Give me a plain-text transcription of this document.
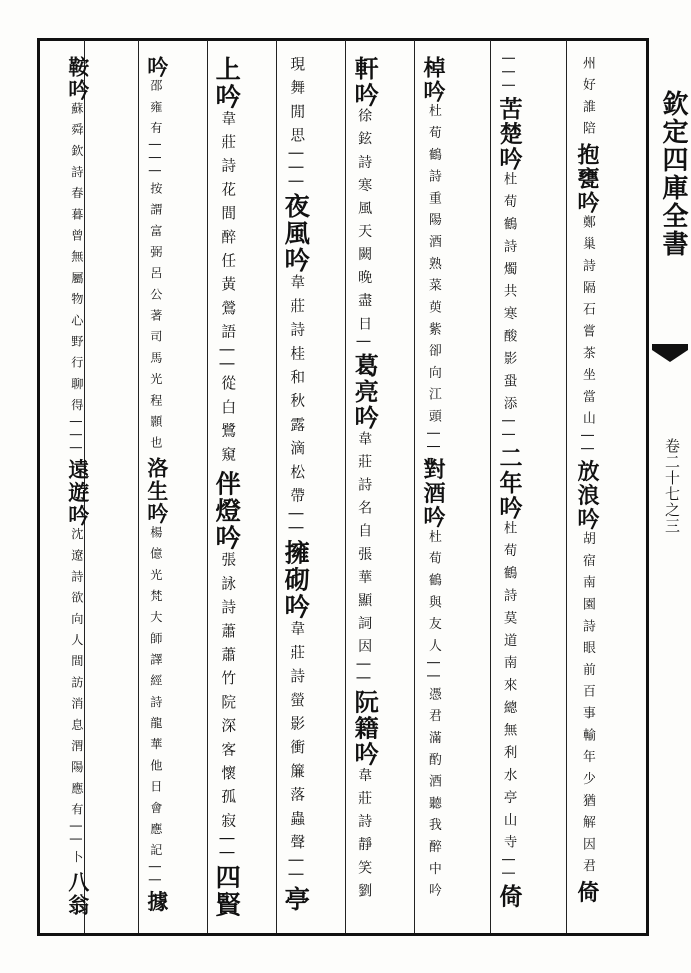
欽定四庫全書
卷二十七之三
州好誰陪抱甕吟鄭巢詩隔石嘗茶坐當山||放浪吟胡宿南園詩眼前百事輸年少猶解因君倚
|||苦楚吟杜荀鶴詩燭共寒酸影蛩添||二年吟杜荀鶴詩莫道南來總無利水亭山寺||倚
棹吟杜荀鶴詩重陽酒熟菜萸紫卻向江頭||對酒吟杜荀鶴與友人||憑君滿酌酒聽我醉中吟
軒吟徐鉉詩寒風天闕晚盡日|葛亮吟韋莊詩名自張華顯詞因||阮籍吟韋莊詩靜笑劉
現舞閒思|||夜風吟韋莊詩桂和秋露滴松帶||擁砌吟韋莊詩螢影衝簾落蟲聲||亭
上吟韋莊詩花間醉任黃鶯語||從白鷺窺伴燈吟張詠詩蕭蕭竹院深客懷孤寂||四賢
吟邵雍有|||按謂富弼呂公著司馬光程顥也洛生吟楊億光梵大師譯經詩龍華他日會應記||據
鞍吟蘇舜欽詩春暮曾無屬物心野行聊得|||遠遊吟沈遼詩欲向人間訪消息渭陽應有||卜八翁
